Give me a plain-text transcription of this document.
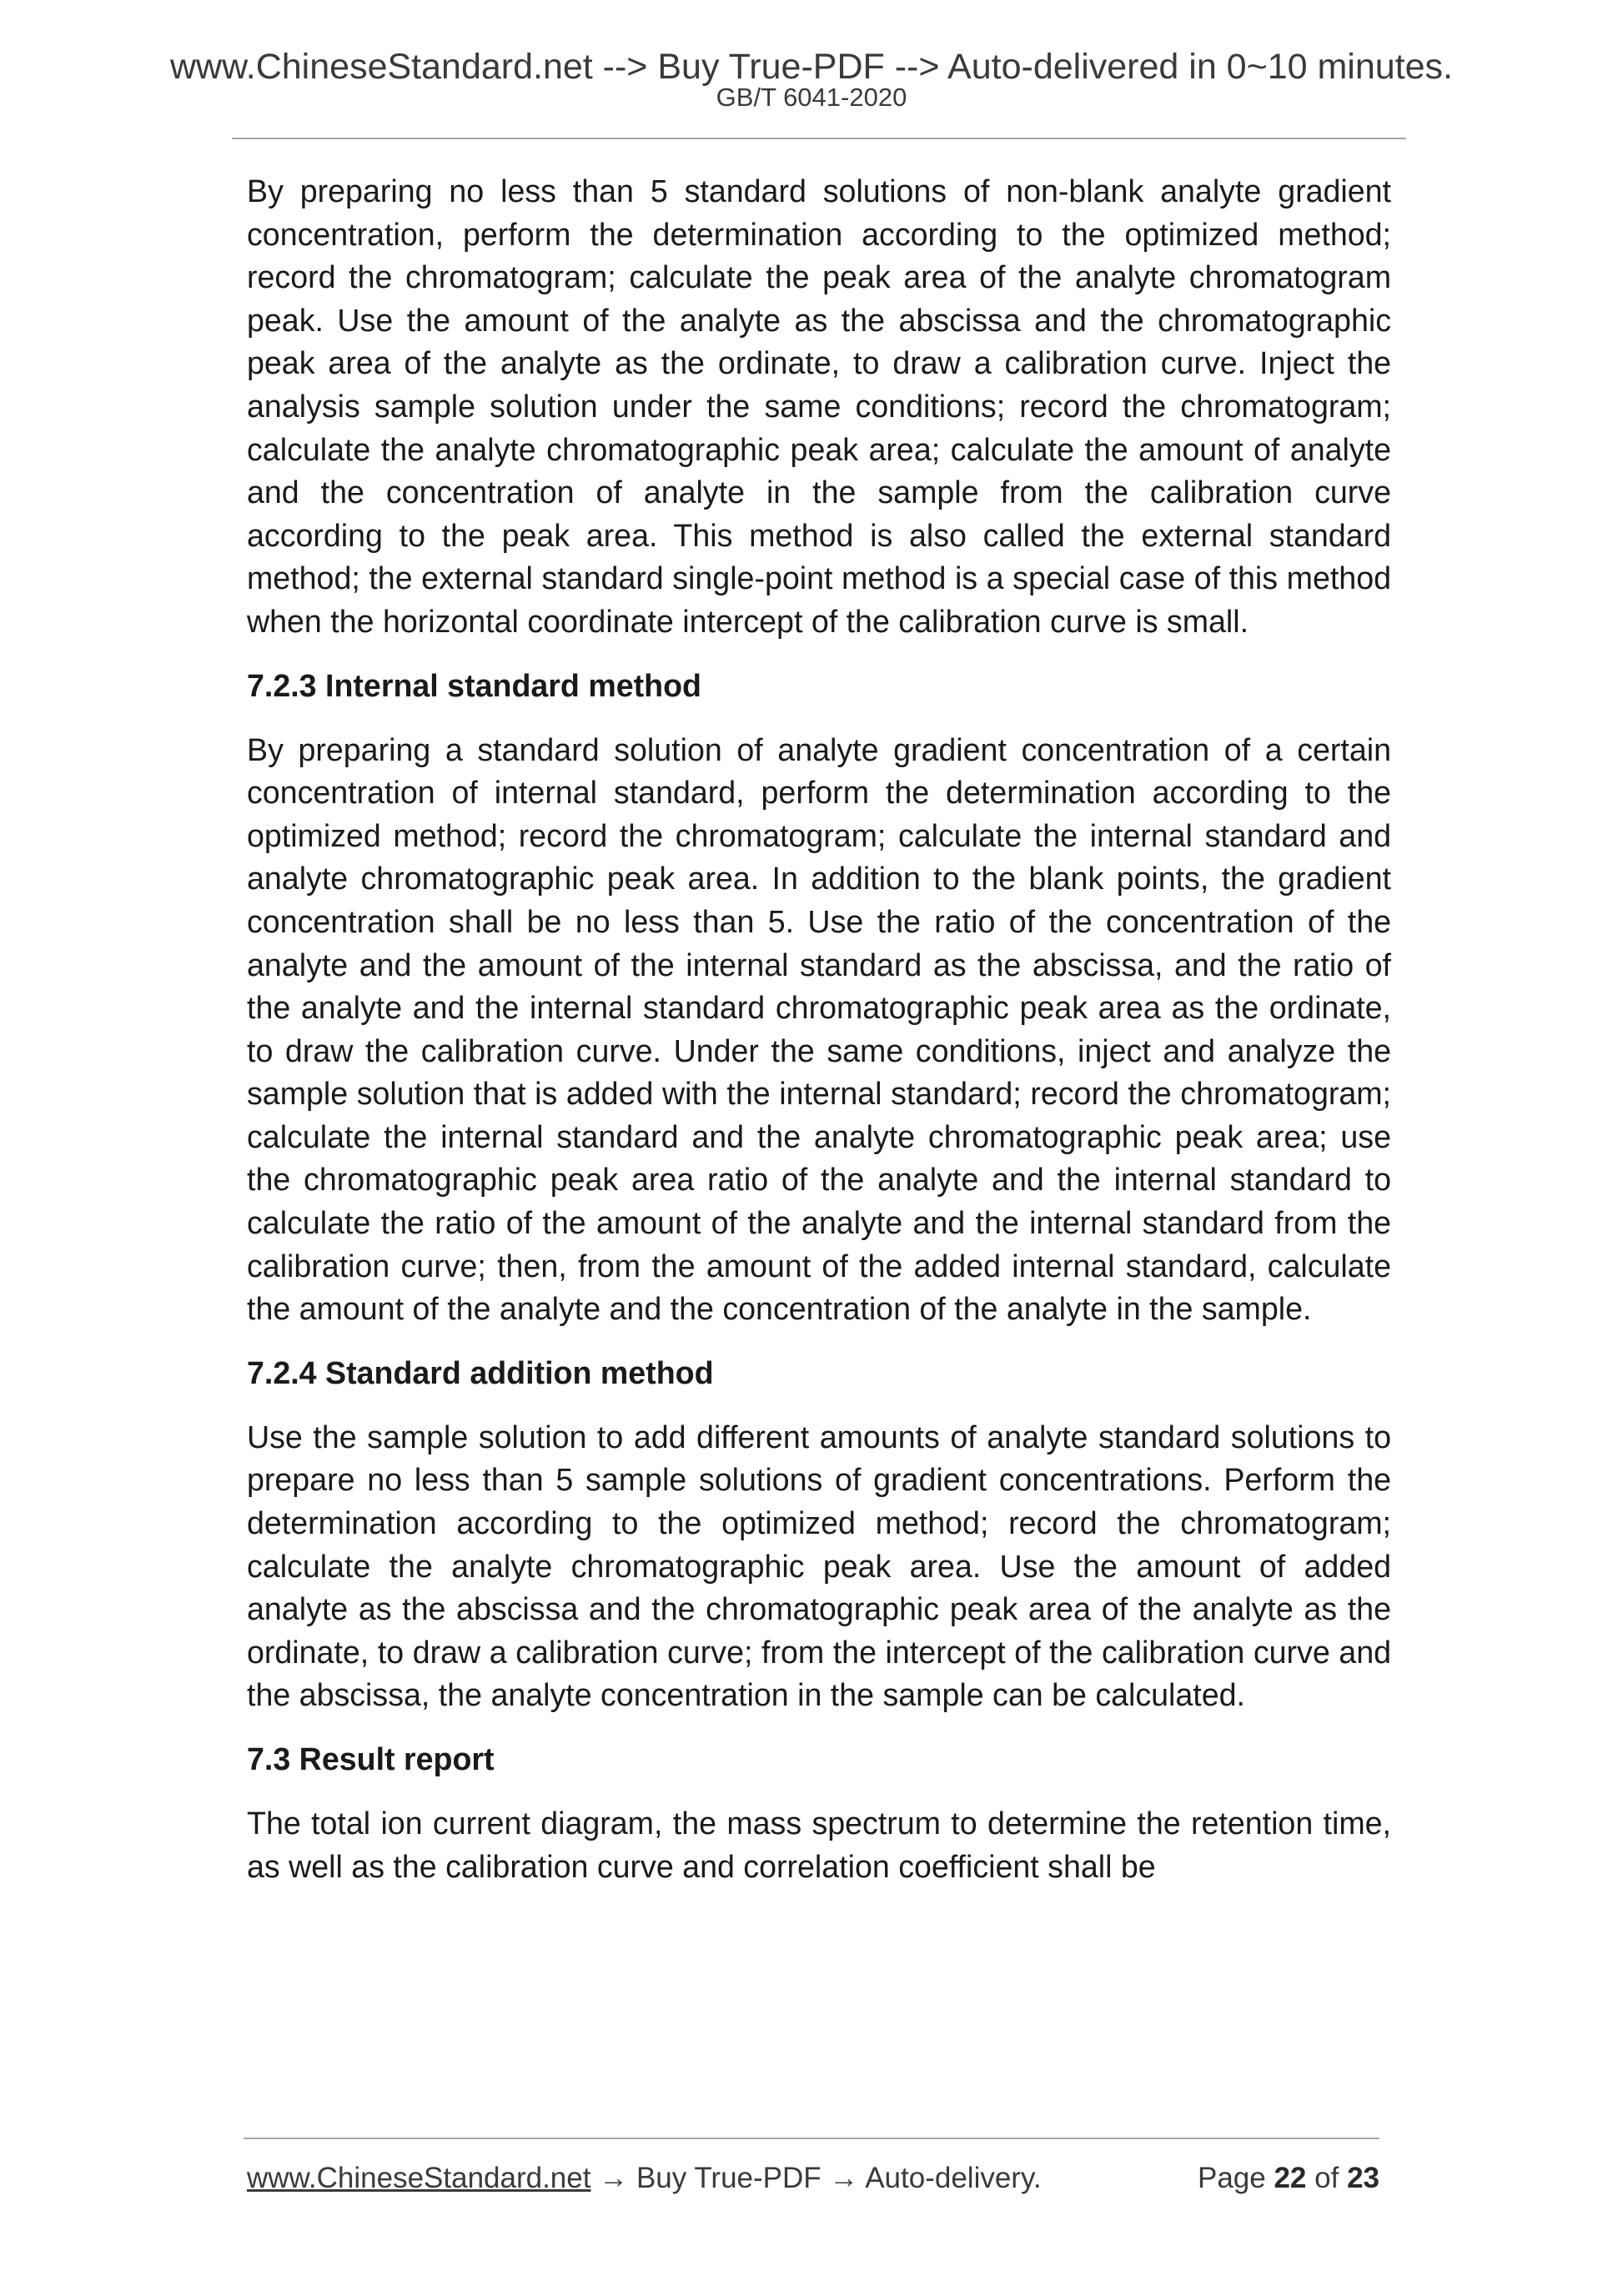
www.ChineseStandard.net --> Buy True-PDF --> Auto-delivered in 0~10 minutes.
GB/T 6041-2020

By preparing no less than 5 standard solutions of non-blank analyte gradient concentration, perform the determination according to the optimized method; record the chromatogram; calculate the peak area of the analyte chromatogram peak. Use the amount of the analyte as the abscissa and the chromatographic peak area of the analyte as the ordinate, to draw a calibration curve. Inject the analysis sample solution under the same conditions; record the chromatogram; calculate the analyte chromatographic peak area; calculate the amount of analyte and the concentration of analyte in the sample from the calibration curve according to the peak area. This method is also called the external standard method; the external standard single-point method is a special case of this method when the horizontal coordinate intercept of the calibration curve is small.

7.2.3 Internal standard method

By preparing a standard solution of analyte gradient concentration of a certain concentration of internal standard, perform the determination according to the optimized method; record the chromatogram; calculate the internal standard and analyte chromatographic peak area. In addition to the blank points, the gradient concentration shall be no less than 5. Use the ratio of the concentration of the analyte and the amount of the internal standard as the abscissa, and the ratio of the analyte and the internal standard chromatographic peak area as the ordinate, to draw the calibration curve. Under the same conditions, inject and analyze the sample solution that is added with the internal standard; record the chromatogram; calculate the internal standard and the analyte chromatographic peak area; use the chromatographic peak area ratio of the analyte and the internal standard to calculate the ratio of the amount of the analyte and the internal standard from the calibration curve; then, from the amount of the added internal standard, calculate the amount of the analyte and the concentration of the analyte in the sample.

7.2.4 Standard addition method

Use the sample solution to add different amounts of analyte standard solutions to prepare no less than 5 sample solutions of gradient concentrations. Perform the determination according to the optimized method; record the chromatogram; calculate the analyte chromatographic peak area. Use the amount of added analyte as the abscissa and the chromatographic peak area of the analyte as the ordinate, to draw a calibration curve; from the intercept of the calibration curve and the abscissa, the analyte concentration in the sample can be calculated.

7.3 Result report

The total ion current diagram, the mass spectrum to determine the retention time, as well as the calibration curve and correlation coefficient shall be

www.ChineseStandard.net → Buy True-PDF → Auto-delivery.	Page 22 of 23
